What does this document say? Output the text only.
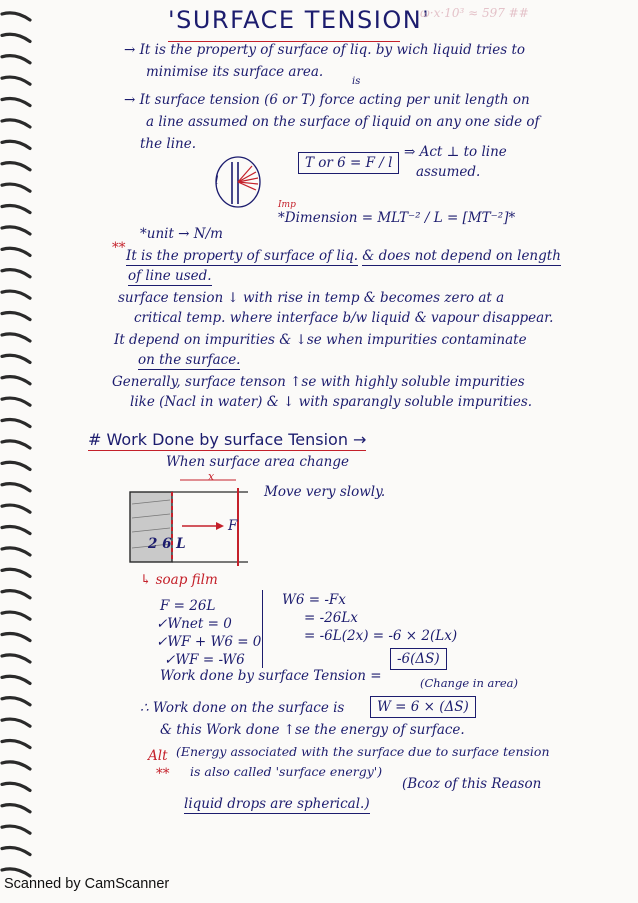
'SURFACE TENSION'
ω·x·10³ ≈ 597 ##
→ It is the property of surface of liq. by wich liquid tries to
minimise its surface area.
is
→ It surface tension (6 or T) force acting per unit length on
a line assumed on the surface of liquid on any one side of
the line.
l
T or 6 = F / l
⇒ Act ⊥ to line
assumed.
*unit → N/m
Imp
*Dimension = MLT⁻² / L = [MT⁻²]*
** It is the property of surface of liq. & does not depend on length
of line used.
surface tension ↓ with rise in temp & becomes zero at a
critical temp. where interface b/w liquid & vapour disappear.
It depend on impurities & ↓se when impurities contaminate
on the surface.
Generally, surface tenson ↑se with highly soluble impurities
like (Nacl in water) & ↓ with sparangly soluble impurities.
# Work Done by surface Tension →
When surface area change
x
F
2 6 L
Move very slowly.
↳ soap film
F = 26L
✓Wnet = 0
✓WF + W6 = 0
✓WF = -W6
W6 = -Fx
= -26Lx
= -6L(2x) = -6 × 2(Lx)
Work done by surface Tension =
-6(ΔS)
(Change in area)
∴ Work done on the surface is	W = 6 × (ΔS)
& this Work done ↑se the energy of surface.
Alt
**
(Energy associated with the surface due to surface tension
is also called 'surface energy')
(Bcoz of this Reason
liquid drops are spherical.)
Scanned by CamScanner
